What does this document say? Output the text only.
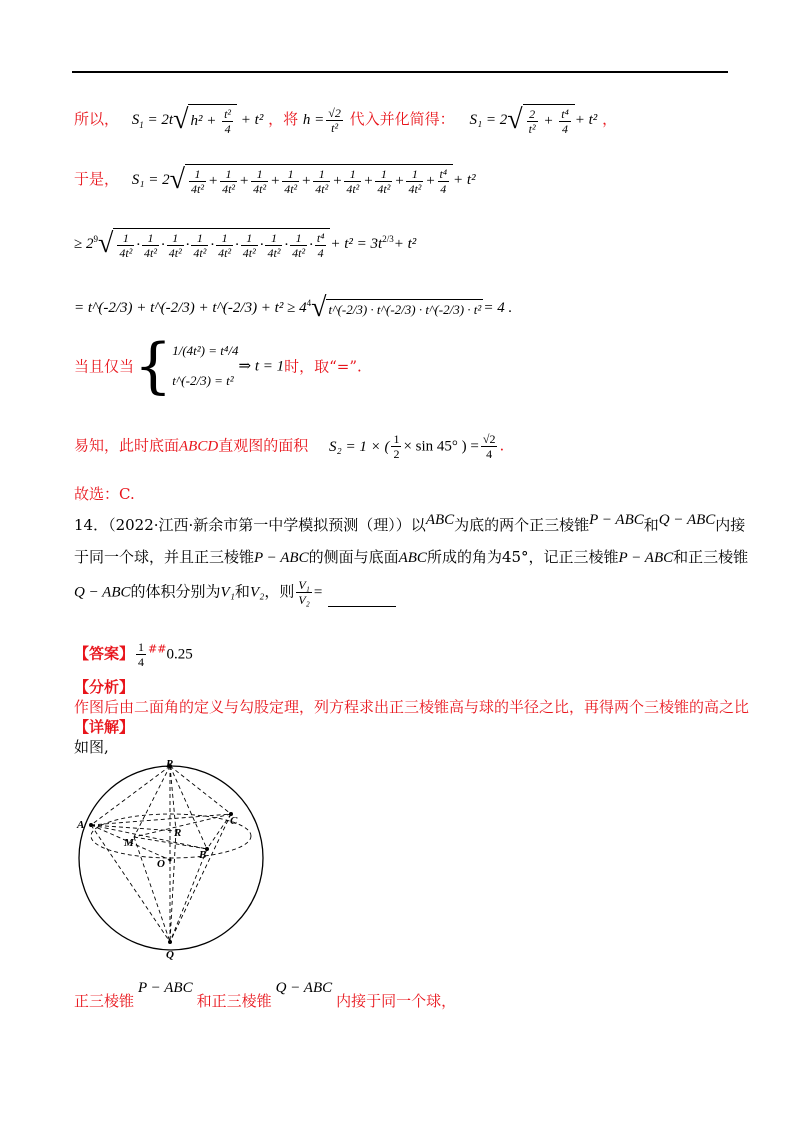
所以， $S_1 = 2t√$ $h^2 + \frac{\text{t²}}{4} + t^2$ ，将 $h = \frac{√2}{\text{t²}}$ 代入并化简得： $S_1 = 2√ \frac{2}{\text{t²}} + \frac{\text{t⁴}}{4} + t^2$ ，
于是， $S_1 = 2√ \frac{1}{\text{4t²}} + \frac{1}{\text{4t²}} + \frac{1}{\text{4t²}} + \frac{1}{\text{4t²}} + \frac{1}{\text{4t²}} + \frac{1}{\text{4t²}} + \frac{1}{\text{4t²}} + \frac{1}{\text{4t²}} + \frac{\text{t⁴}}{4} + t^2$
≥ $2^9√ \frac{1}{\text{4t²}} \cdot \frac{1}{\text{4t²}} \cdot \frac{1}{\text{4t²}} \cdot \frac{1}{\text{4t²}} \cdot \frac{1}{\text{4t²}} \cdot \frac{1}{\text{4t²}} \cdot \frac{1}{\text{4t²}} \cdot \frac{1}{\text{4t²}} \cdot \frac{\text{t⁴}}{4} + t^2 = 3t^{2/3}+ t^2$
= t^(-2/3) + t^(-2/3) + t^(-2/3) + $t^2 \ge 4^4√$ t^(-2/3) · t^(-2/3) · t^(-2/3) · t² = 4 .
当且仅当{1/(4t²) = t⁴/4
t^(-2/3) = t²⇒ t = 1时，取“=”.
易知，此时底面ABCD直观图的面积 S₂ = 1 × ( $\frac{1}{2} \times \sin 45^\circ$ ) = $\frac{√2}{4}$ .
故选：C.
14．（2022·江西·新余市第一中学模拟预测（理））以ABC为底的两个正三棱锥P − ABC和Q − ABC内接
于同一个球，并且正三棱锥P − ABC的侧面与底面ABC所成的角为45°，记正三棱锥P − ABC和正三棱锥
Q − ABC的体积分别为V₁和V₂，则 $\frac{\text{V₁}}{\text{V₂}}$ =
【答案】 $\frac{1}{4} ^{\#\#}0.25$
【分析】
作图后由二面角的定义与勾股定理，列方程求出正三棱锥高与球的半径之比，再得两个三棱锥的高之比
【详解】
如图,
P
A	C
M
R
O
B
Q
正三棱锥P − ABC和正三棱锥Q − ABC内接于同一个球，
